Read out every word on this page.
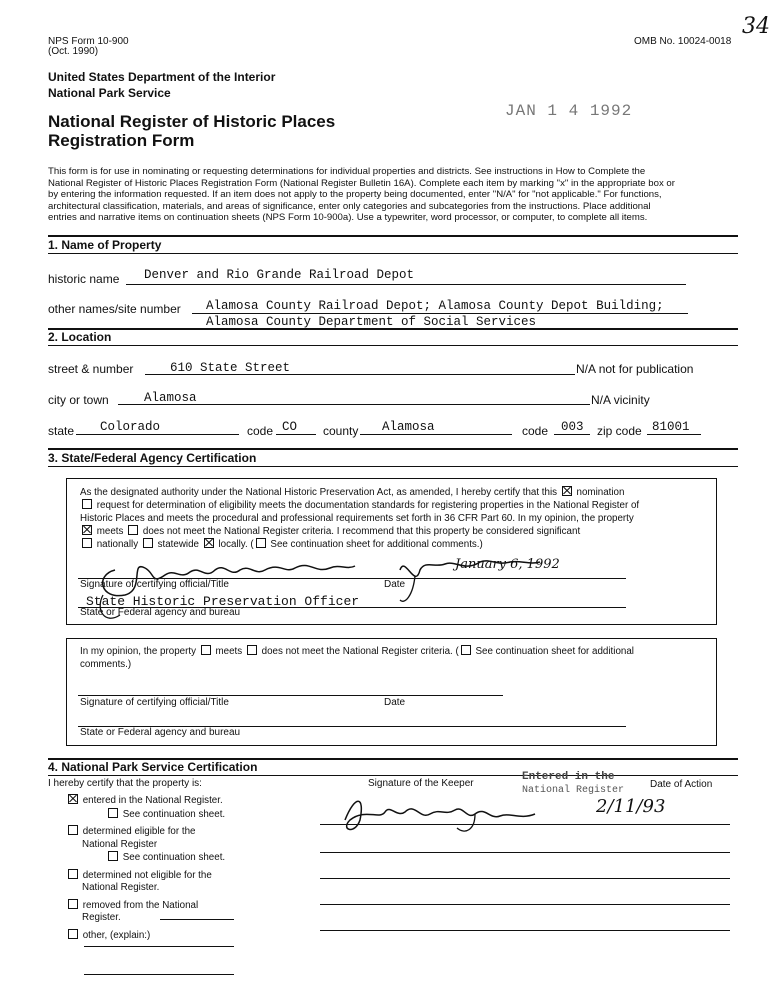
NPS Form 10-900
(Oct. 1990)
OMB No. 10024-0018
34
United States Department of the Interior
National Park Service
National Register of Historic Places
Registration Form
JAN 1 4 1992
This form is for use in nominating or requesting determinations for individual properties and districts. See instructions in How to Complete the
National Register of Historic Places Registration Form (National Register Bulletin 16A). Complete each item by marking "x" in the appropriate box or
by entering the information requested. If an item does not apply to the property being documented, enter "N/A" for "not applicable." For functions,
architectural classification, materials, and areas of significance, enter only categories and subcategories from the instructions. Place additional
entries and narrative items on continuation sheets (NPS Form 10-900a). Use a typewriter, word processor, or computer, to complete all items.
1. Name of Property
historic name Denver and Rio Grande Railroad Depot
other names/site number Alamosa County Railroad Depot; Alamosa County Depot Building;
Alamosa County Department of Social Services
2. Location
street & number	610 State Street	N/A not for publication
city or town	Alamosa	N/A vicinity
state Colorado	code CO county Alamosa	code 003 zip code 81001
3. State/Federal Agency Certification
As the designated authority under the National Historic Preservation Act, as amended, I hereby certify that this nomination
request for determination of eligibility meets the documentation standards for registering properties in the National Register of
Historic Places and meets the procedural and professional requirements set forth in 36 CFR Part 60. In my opinion, the property
meets does not meet the National Register criteria. I recommend that this property be considered significant
nationally statewide locally. ( See continuation sheet for additional comments.)
January 6, 1992
Signature of certifying official/Title	Date
State Historic Preservation Officer
State or Federal agency and bureau
In my opinion, the property meets does not meet the National Register criteria. ( See continuation sheet for additional
comments.)
Signature of certifying official/Title	Date
State or Federal agency and bureau
4. National Park Service Certification
I hereby certify that the property is:	Signature of the Keeper	Date of Action
Entered in the
National Register
2/11/93
entered in the National Register.
See continuation sheet.
determined eligible for the
National Register
See continuation sheet.
determined not eligible for the
National Register.
removed from the National
Register.
other, (explain:)
